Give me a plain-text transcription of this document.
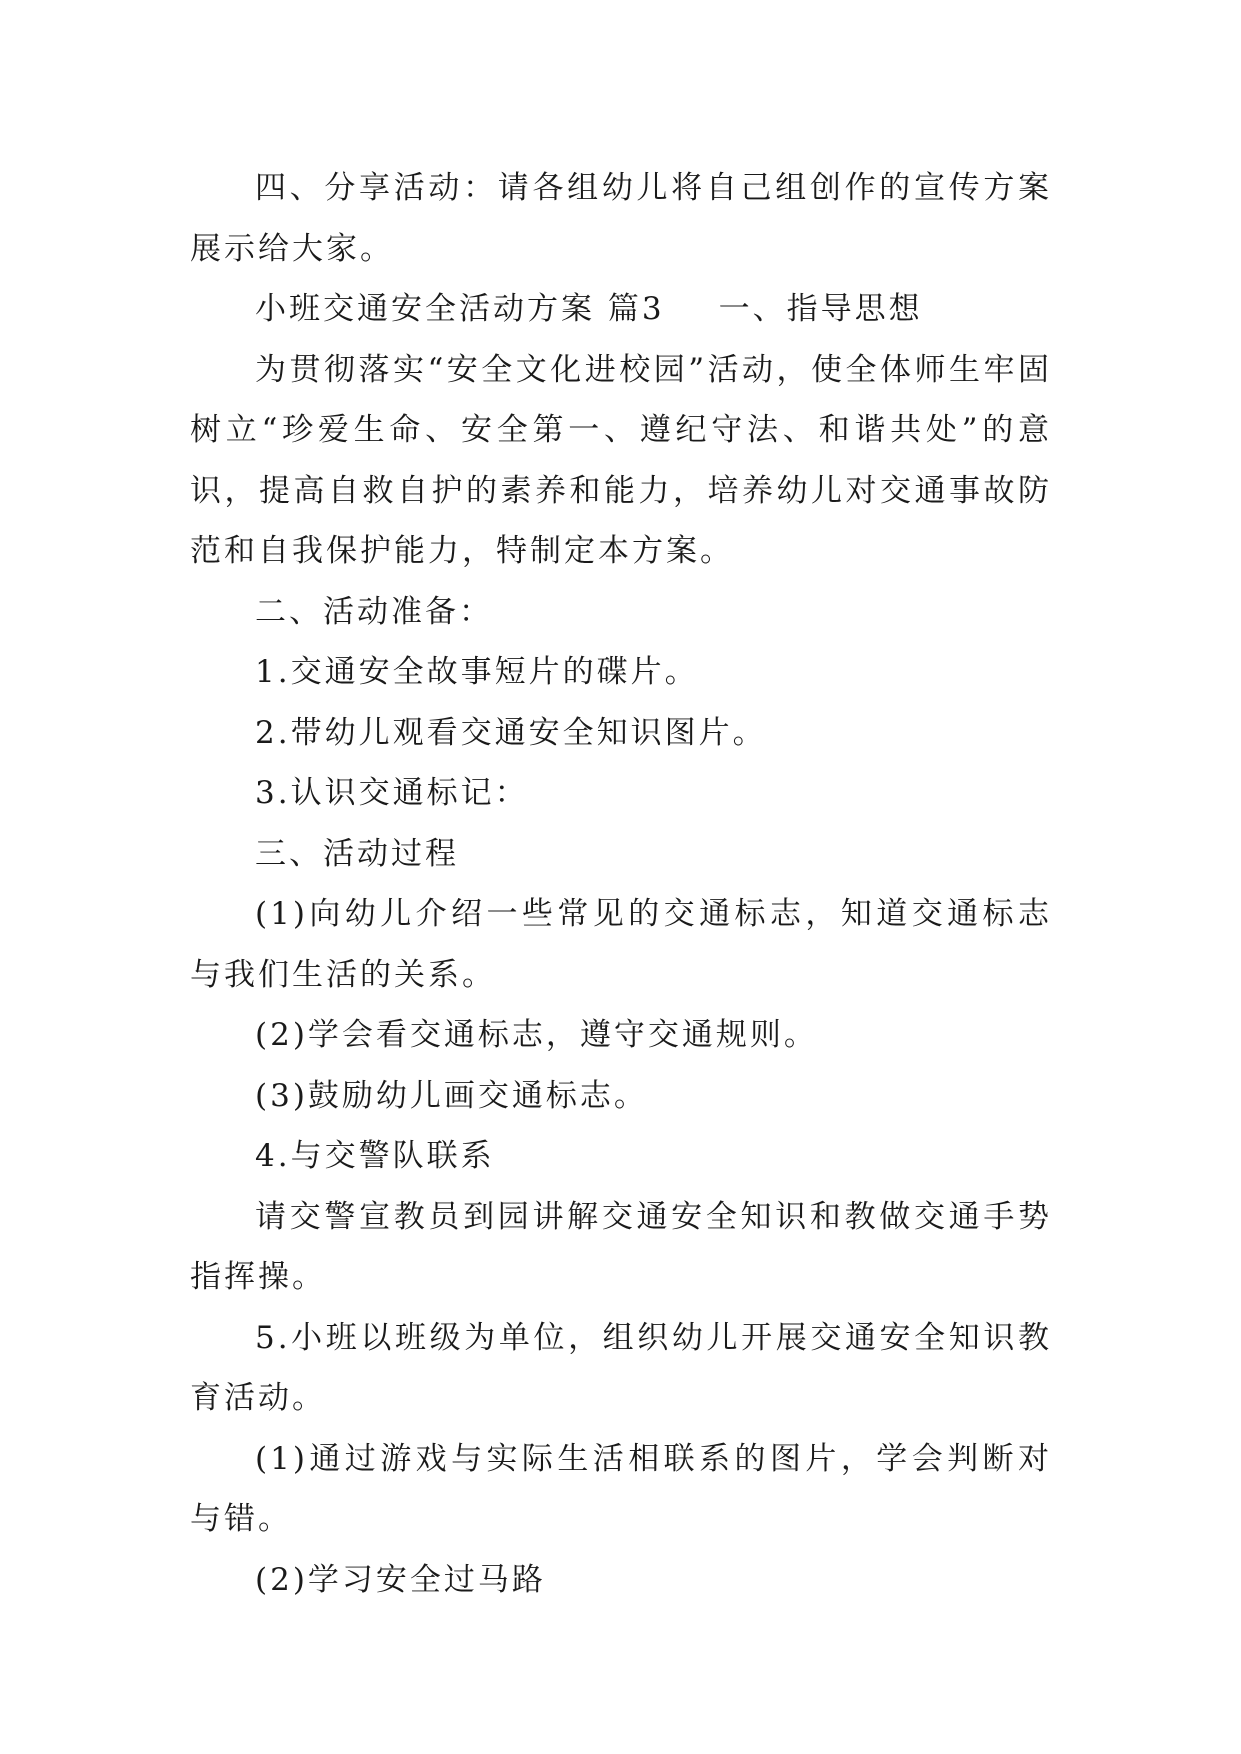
四、分享活动：请各组幼儿将自己组创作的宣传方案展示给大家。

小班交通安全活动方案 篇3 一、指导思想

为贯彻落实“安全文化进校园”活动，使全体师生牢固树立“珍爱生命、安全第一、遵纪守法、和谐共处”的意识，提高自救自护的素养和能力，培养幼儿对交通事故防范和自我保护能力，特制定本方案。

二、活动准备：

1.交通安全故事短片的碟片。

2.带幼儿观看交通安全知识图片。

3.认识交通标记：

三、活动过程

(1)向幼儿介绍一些常见的交通标志，知道交通标志与我们生活的关系。

(2)学会看交通标志，遵守交通规则。

(3)鼓励幼儿画交通标志。

4.与交警队联系

请交警宣教员到园讲解交通安全知识和教做交通手势指挥操。

5.小班以班级为单位，组织幼儿开展交通安全知识教育活动。

(1)通过游戏与实际生活相联系的图片，学会判断对与错。

(2)学习安全过马路
